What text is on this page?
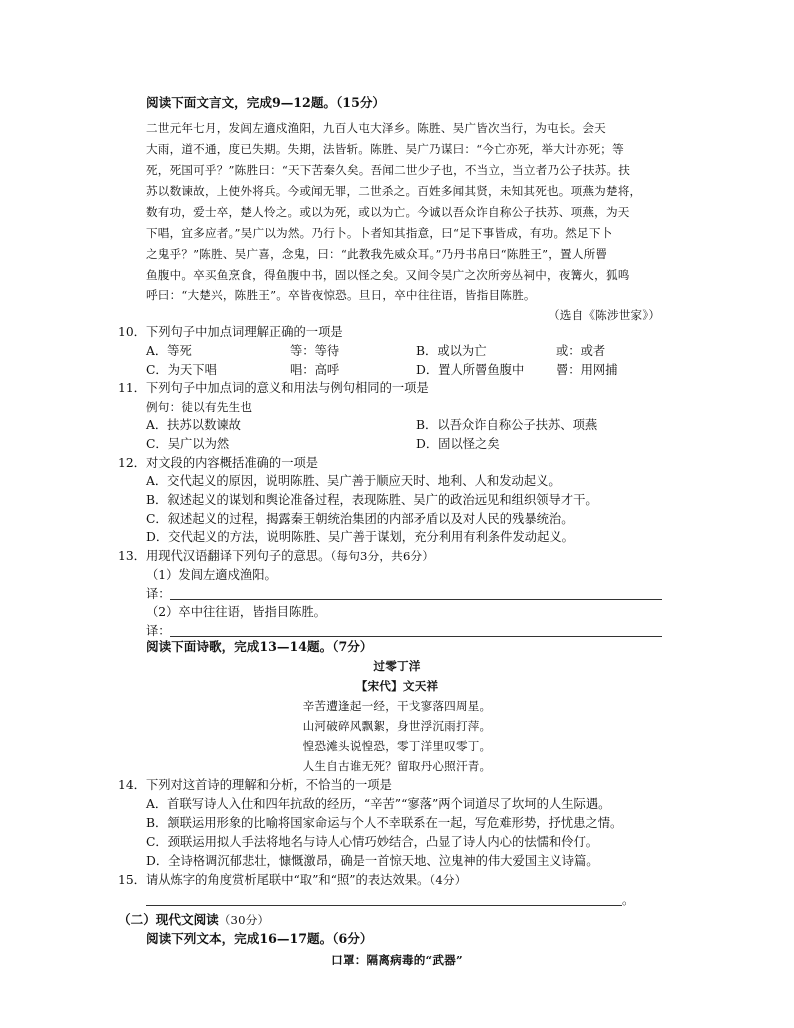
阅读下面文言文，完成9—12题。（15分）
二世元年七月，发闾左適戍渔阳，九百人屯大泽乡。陈胜、吴广皆次当行，为屯长。会天
大雨，道不通，度已失期。失期，法皆斩。陈胜、吴广乃谋曰：“今亡亦死，举大计亦死；等
死，死国可乎？”陈胜曰：“天下苦秦久矣。吾闻二世少子也，不当立，当立者乃公子扶苏。扶
苏以数谏故，上使外将兵。今或闻无罪，二世杀之。百姓多闻其贤，未知其死也。项燕为楚将，
数有功，爱士卒，楚人怜之。或以为死，或以为亡。今诚以吾众诈自称公子扶苏、项燕，为天
下唱，宜多应者。”吴广以为然。乃行卜。卜者知其指意，曰“足下事皆成，有功。然足下卜
之鬼乎？”陈胜、吴广喜，念鬼，曰：“此教我先威众耳。”乃丹书帛曰“陈胜王”，置人所罾
鱼腹中。卒买鱼烹食，得鱼腹中书，固以怪之矣。又间令吴广之次所旁丛祠中，夜篝火，狐鸣
呼曰：“大楚兴，陈胜王”。卒皆夜惊恐。旦日，卒中往往语，皆指目陈胜。
（选自《陈涉世家》）
10．下列句子中加点词理解正确的一项是
A．等死	等：等待	B．或以为亡	或：或者
C．为天下唱	唱：高呼	D．置人所罾鱼腹中	罾：用网捕
11．下列句子中加点词的意义和用法与例句相同的一项是
例句：徒以有先生也
A．扶苏以数谏故	B．以吾众诈自称公子扶苏、项燕
C．吴广以为然	D．固以怪之矣
12．对文段的内容概括准确的一项是
A．交代起义的原因，说明陈胜、吴广善于顺应天时、地利、人和发动起义。
B．叙述起义的谋划和舆论准备过程，表现陈胜、吴广的政治远见和组织领导才干。
C．叙述起义的过程，揭露秦王朝统治集团的内部矛盾以及对人民的残暴统治。
D．交代起义的方法，说明陈胜、吴广善于谋划，充分利用有利条件发动起义。
13．用现代汉语翻译下列句子的意思。（每句3分，共6分）
（1）发闾左適戍渔阳。
译：
（2）卒中往往语，皆指目陈胜。
译：
阅读下面诗歌，完成13—14题。（7分）
过零丁洋
【宋代】文天祥
辛苦遭逢起一经，干戈寥落四周星。
山河破碎风飘絮，身世浮沉雨打萍。
惶恐滩头说惶恐，零丁洋里叹零丁。
人生自古谁无死？留取丹心照汗青。
14．下列对这首诗的理解和分析，不恰当的一项是
A．首联写诗人入仕和四年抗敌的经历，“辛苦”“寥落”两个词道尽了坎坷的人生际遇。
B．颔联运用形象的比喻将国家命运与个人不幸联系在一起，写危难形势，抒忧患之情。
C．颈联运用拟人手法将地名与诗人心情巧妙结合，凸显了诗人内心的怯懦和伶仃。
D．全诗格调沉郁悲壮，慷慨激昂，确是一首惊天地、泣鬼神的伟大爱国主义诗篇。
15．请从炼字的角度赏析尾联中“取”和“照”的表达效果。（4分）
。
（二）现代文阅读（30分）
阅读下列文本，完成16—17题。（6分）
口罩：隔离病毒的“武器”
